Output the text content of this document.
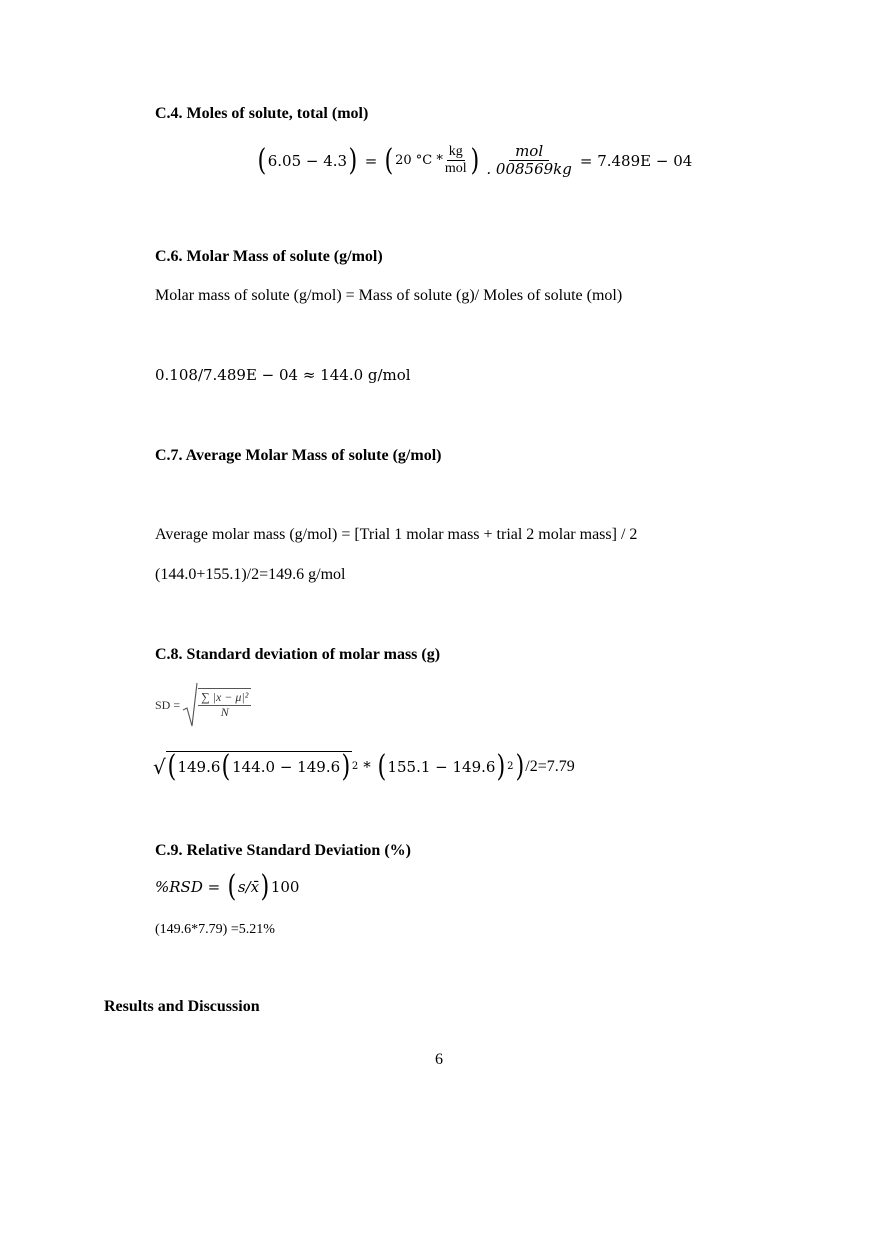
C.4. Moles of solute, total (mol)
( 6.05 − 4.3 ) = ( 20 $^\circ C * \frac{kg}{\text{mol}}$ ) $\frac{\text{mol}}{. 008569kg} = 7.489E - 04$
C.6. Molar Mass of solute (g/mol)
Molar mass of solute (g/mol) = Mass of solute (g)/ Moles of solute (mol)
0.108/7.489E − 04 ≈ 144.0 g/mol
C.7. Average Molar Mass of solute (g/mol)
Average molar mass (g/mol) = [Trial 1 molar mass + trial 2 molar mass] / 2
(144.0+155.1)/2=149.6 g/mol
C.8. Standard deviation of molar mass (g)
SD = $\frac{\text{∑ |x − μ|²}}{N}$
√ ( 149.6 ( 144.0 − 149.6 ) 2 * ( 155.1 − 149.6 ) 2 ) /2=7.79
C.9. Relative Standard Deviation (%)
%RSD = ( s/x̄ ) 100
(149.6*7.79) =5.21%
Results and Discussion
6
